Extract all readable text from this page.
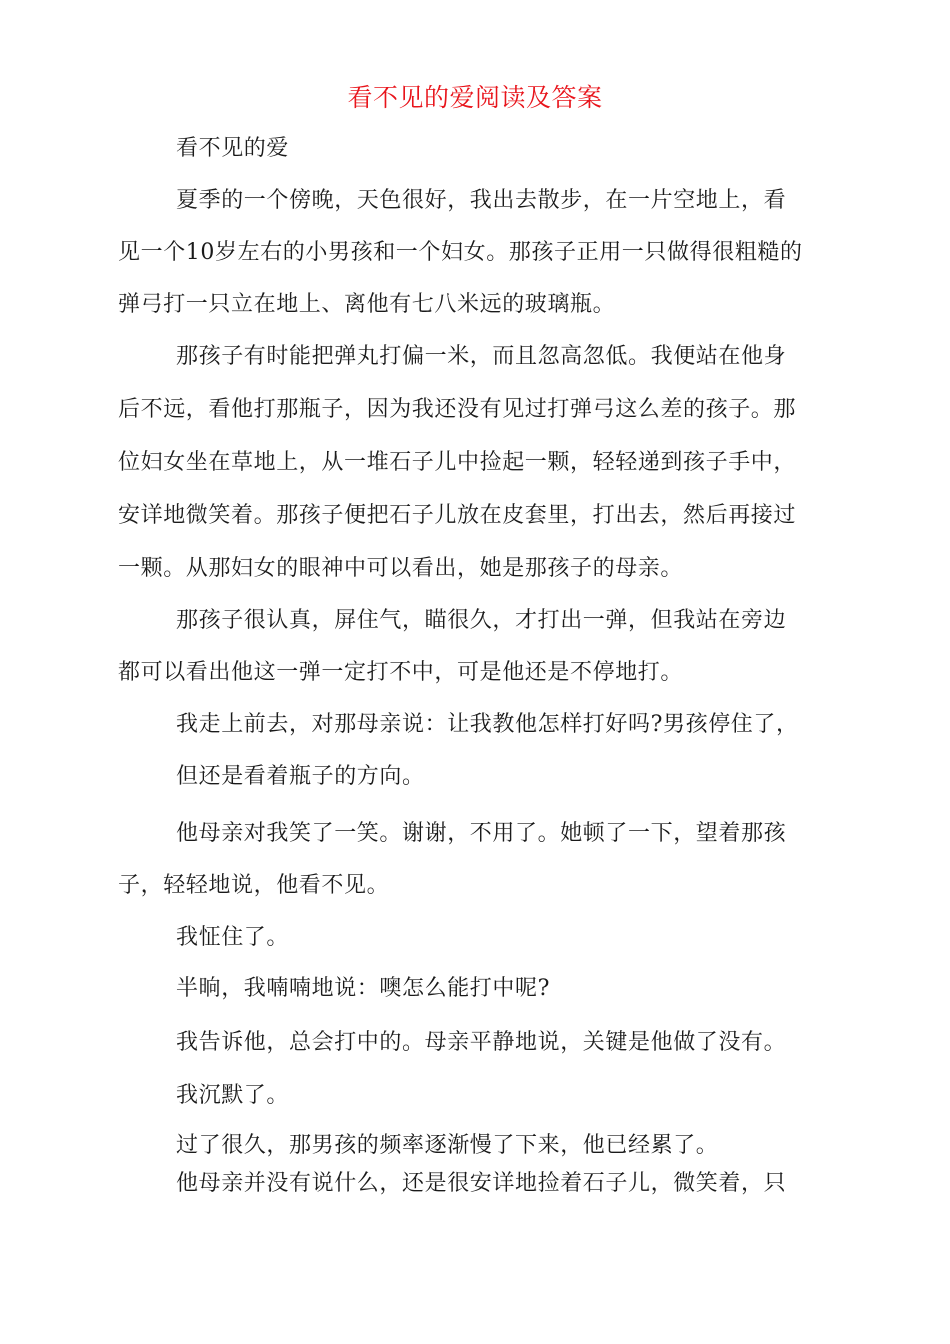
看不见的爱阅读及答案
看不见的爱
夏季的一个傍晚，天色很好，我出去散步，在一片空地上，看
见一个10岁左右的小男孩和一个妇女。那孩子正用一只做得很粗糙的
弹弓打一只立在地上、离他有七八米远的玻璃瓶。
那孩子有时能把弹丸打偏一米，而且忽高忽低。我便站在他身
后不远，看他打那瓶子，因为我还没有见过打弹弓这么差的孩子。那
位妇女坐在草地上，从一堆石子儿中捡起一颗，轻轻递到孩子手中，
安详地微笑着。那孩子便把石子儿放在皮套里，打出去，然后再接过
一颗。从那妇女的眼神中可以看出，她是那孩子的母亲。
那孩子很认真，屏住气，瞄很久，才打出一弹，但我站在旁边
都可以看出他这一弹一定打不中，可是他还是不停地打。
我走上前去，对那母亲说：让我教他怎样打好吗?男孩停住了，
但还是看着瓶子的方向。
他母亲对我笑了一笑。谢谢，不用了。她顿了一下，望着那孩
子，轻轻地说，他看不见。
我怔住了。
半晌，我喃喃地说：噢怎么能打中呢?
我告诉他，总会打中的。母亲平静地说，关键是他做了没有。
我沉默了。
过了很久，那男孩的频率逐渐慢了下来，他已经累了。
他母亲并没有说什么，还是很安详地捡着石子儿，微笑着，只
